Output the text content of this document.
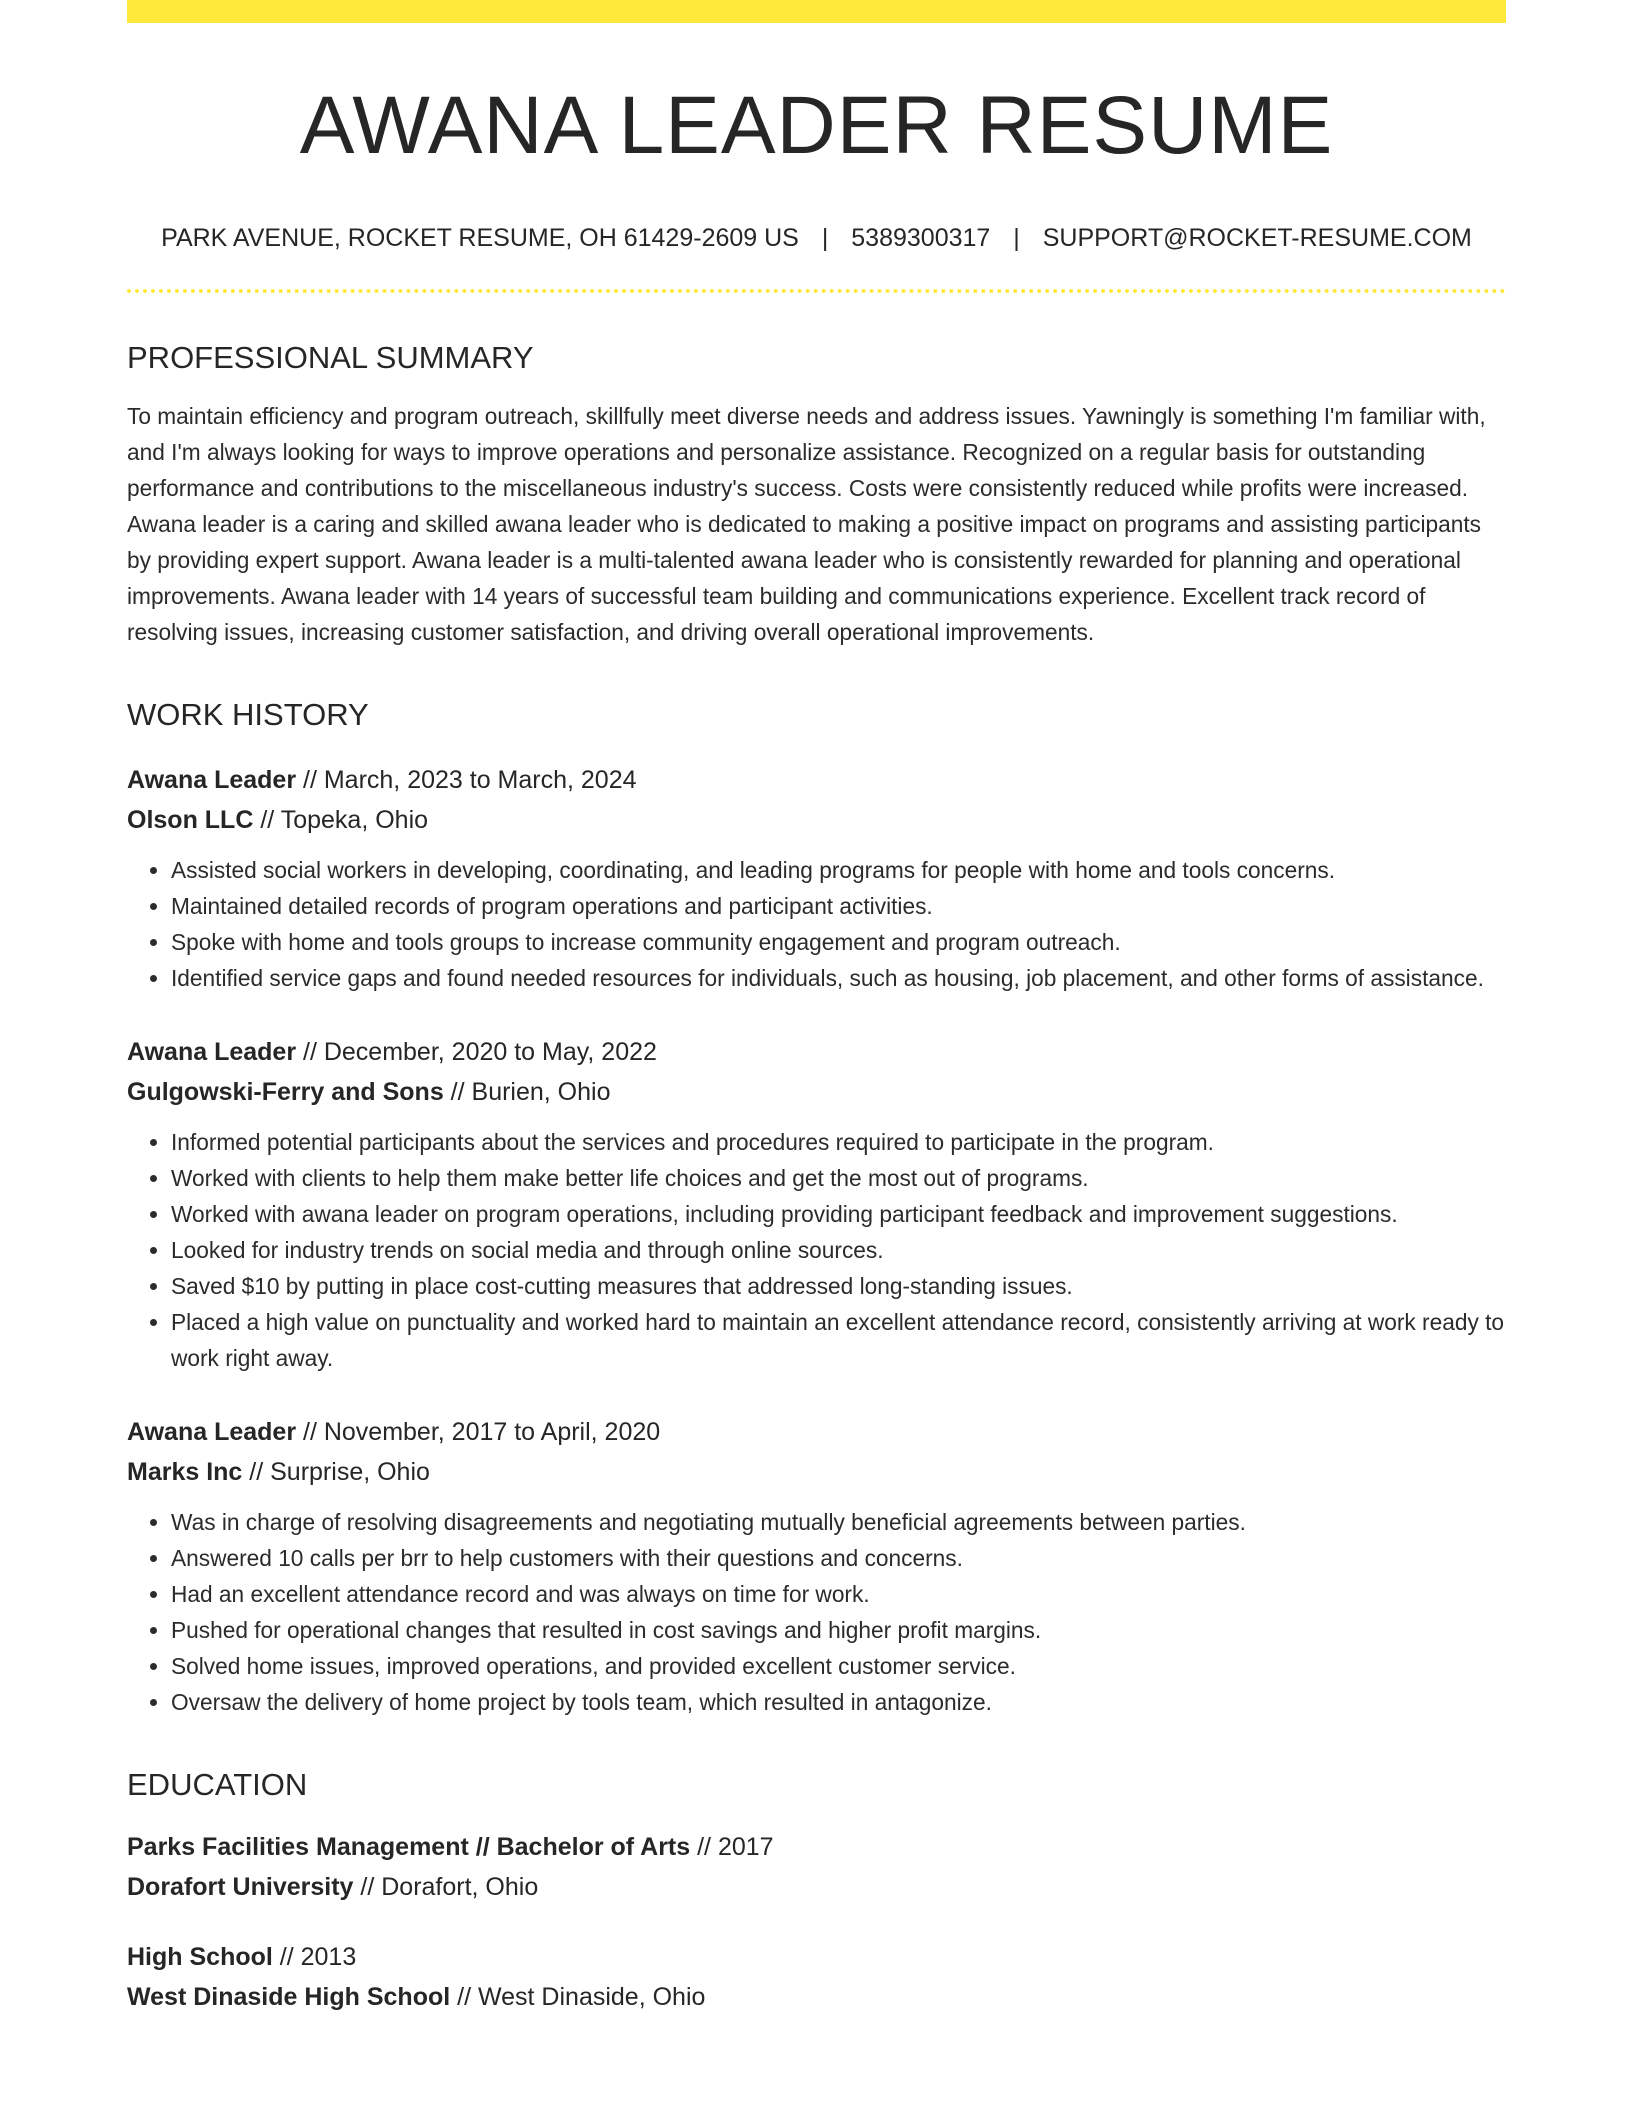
AWANA LEADER RESUME
PARK AVENUE, ROCKET RESUME, OH 61429-2609 US | 5389300317 | SUPPORT@ROCKET-RESUME.COM
PROFESSIONAL SUMMARY

To maintain efficiency and program outreach, skillfully meet diverse needs and address issues. Yawningly is something I'm familiar with, and I'm always looking for ways to improve operations and personalize assistance. Recognized on a regular basis for outstanding performance and contributions to the miscellaneous industry's success. Costs were consistently reduced while profits were increased. Awana leader is a caring and skilled awana leader who is dedicated to making a positive impact on programs and assisting participants by providing expert support. Awana leader is a multi-talented awana leader who is consistently rewarded for planning and operational improvements. Awana leader with 14 years of successful team building and communications experience. Excellent track record of resolving issues, increasing customer satisfaction, and driving overall operational improvements.

WORK HISTORY
Awana Leader // March, 2023 to March, 2024
Olson LLC // Topeka, Ohio
• Assisted social workers in developing, coordinating, and leading programs for people with home and tools concerns.
• Maintained detailed records of program operations and participant activities.
• Spoke with home and tools groups to increase community engagement and program outreach.
• Identified service gaps and found needed resources for individuals, such as housing, job placement, and other forms of assistance.
Awana Leader // December, 2020 to May, 2022
Gulgowski-Ferry and Sons // Burien, Ohio
• Informed potential participants about the services and procedures required to participate in the program.
• Worked with clients to help them make better life choices and get the most out of programs.
• Worked with awana leader on program operations, including providing participant feedback and improvement suggestions.
• Looked for industry trends on social media and through online sources.
• Saved $10 by putting in place cost-cutting measures that addressed long-standing issues.
• Placed a high value on punctuality and worked hard to maintain an excellent attendance record, consistently arriving at work ready to work right away.
Awana Leader // November, 2017 to April, 2020
Marks Inc // Surprise, Ohio
• Was in charge of resolving disagreements and negotiating mutually beneficial agreements between parties.
• Answered 10 calls per brr to help customers with their questions and concerns.
• Had an excellent attendance record and was always on time for work.
• Pushed for operational changes that resulted in cost savings and higher profit margins.
• Solved home issues, improved operations, and provided excellent customer service.
• Oversaw the delivery of home project by tools team, which resulted in antagonize.
EDUCATION
Parks Facilities Management // Bachelor of Arts // 2017
Dorafort University // Dorafort, Ohio
High School // 2013
West Dinaside High School // West Dinaside, Ohio
